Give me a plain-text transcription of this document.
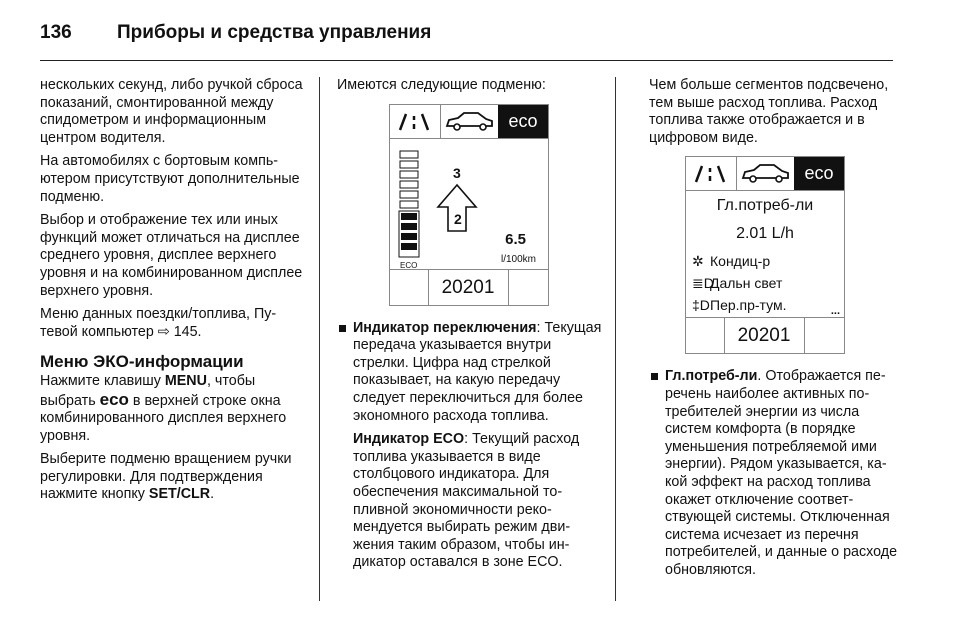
136 Приборы и средства управления

нескольких секунд, либо ручкой сброса показаний, смонтированной между спидометром и информационным центром водителя.

На автомобилях с бортовым компьютером присутствуют дополнительные подменю.

Выбор и отображение тех или иных функций может отличаться на дисплее среднего уровня, дисплее верхнего уровня и на комбинированном дисплее верхнего уровня.

Меню данных поездки/топлива, Путевой компьютер ⇨ 145.

Меню ЭКО-информации

Нажмите клавишу MENU, чтобы выбрать eco в верхней строке окна комбинированного дисплея верхнего уровня.

Выберите подменю вращением ручки регулировки. Для подтверждения нажмите кнопку SET/CLR.

Имеются следующие подменю:

eco
ECO
3
2
6.5
l/100km
20201

Индикатор переключения: Текущая передача указывается внутри стрелки. Цифра над стрелкой показывает, на какую передачу следует переключиться для более экономного расхода топлива.

Индикатор ECO: Текущий расход топлива указывается в виде столбцового индикатора. Для обеспечения максимальной топливной экономичности рекомендуется выбирать режим движения таким образом, чтобы индикатор оставался в зоне ECO.

Чем больше сегментов подсвечено, тем выше расход топлива. Расход топлива также отображается и в цифровом виде.

eco
Гл.потреб-ли
2.01 L/h
✲ Кондиц-р
≣DДальн свет
‡DПер.пр-тум.	...
20201

Гл.потреб-ли. Отображается перечень наиболее активных потребителей энергии из числа систем комфорта (в порядке уменьшения потребляемой ими энергии). Рядом указывается, какой эффект на расход топлива окажет отключение соответствующей системы. Отключенная система исчезает из перечня потребителей, и данные о расходе обновляются.
